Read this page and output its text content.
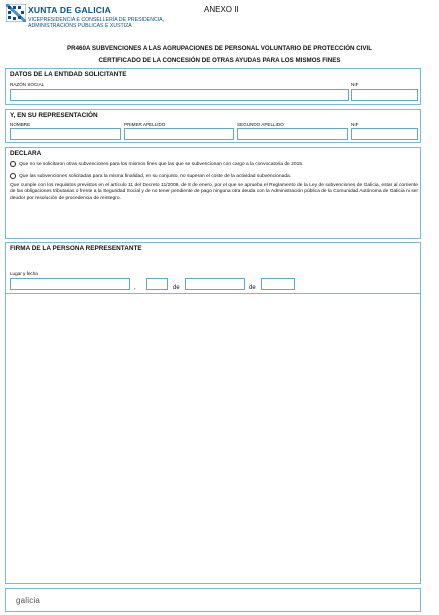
XUNTA DE GALICIA
VICEPRESIDENCIA E CONSELLERÍA DE PRESIDENCIA,
ADMINISTRACIÓNS PÚBLICAS E XUSTIZA
ANEXO II
PR460A SUBVENCIONES A LAS AGRUPACIONES DE PERSONAL VOLUNTARIO DE PROTECCIÓN CIVIL
CERTIFICADO DE LA CONCESIÓN DE OTRAS AYUDAS PARA LOS MISMOS FINES
DATOS DE LA ENTIDAD SOLICITANTE
RAZÓN SOCIAL	NIF
Y, EN SU REPRESENTACIÓN
NOMBRE	PRIMER APELLIDO	SEGUNDO APELLIDO	NIF
DECLARA
Que no se solicitaron otras subvenciones para los mismos fines que las que se subvencionan con cargo a la convocatoria de 2015.
Que las subvenciones solicitadas para la misma finalidad, en su conjunto, no superan el coste de la actividad subvencionada.
Que cumple con los requisitos previstos en el artículo 11 del Decreto 11/2009, de 8 de enero, por el que se aprueba el Reglamento de la Ley de subvenciones de Galicia, estar al corriente de las obligaciones tributarias o frente a la Seguridad Social y de no tener pendiente de pago ninguna otra deuda con la Administración pública de la Comunidad Autónoma de Galicia ni ser deudor por resolución de procedencia de reintegro.
FIRMA DE LA PERSONA REPRESENTANTE
Lugar y fecha
,	de	de
galicia
